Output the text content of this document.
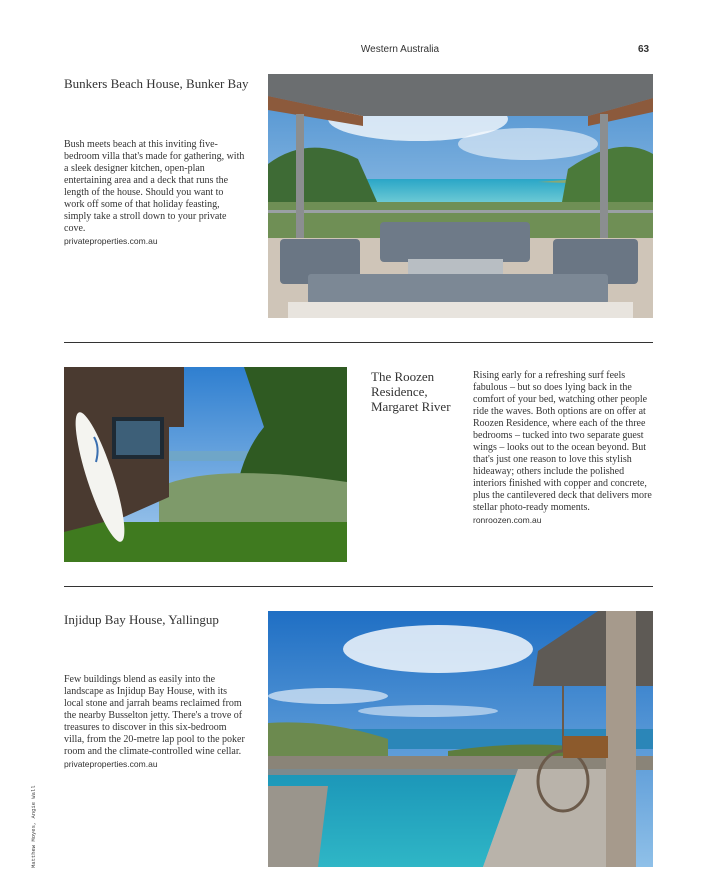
Western Australia	63
Bunkers Beach House, Bunker Bay
Bush meets beach at this inviting five-bedroom villa that's made for gathering, with a sleek designer kitchen, open-plan entertaining area and a deck that runs the length of the house. Should you want to work off some of that holiday feasting, simply take a stroll down to your private cove.
privateproperties.com.au
The Roozen Residence, Margaret River
Rising early for a refreshing surf feels fabulous – but so does lying back in the comfort of your bed, watching other people ride the waves. Both options are on offer at Roozen Residence, where each of the three bedrooms – tucked into two separate guest wings – looks out to the ocean beyond. But that's just one reason to love this stylish hideaway; others include the polished interiors finished with copper and concrete, plus the cantilevered deck that delivers more stellar photo-ready moments.
ronroozen.com.au
Injidup Bay House, Yallingup
Few buildings blend as easily into the landscape as Injidup Bay House, with its local stone and jarrah beams reclaimed from the nearby Busselton jetty. There's a trove of treasures to discover in this six-bedroom villa, from the 20-metre lap pool to the poker room and the climate-controlled wine cellar.
privateproperties.com.au
Matthew Moyes, Angie Wall
